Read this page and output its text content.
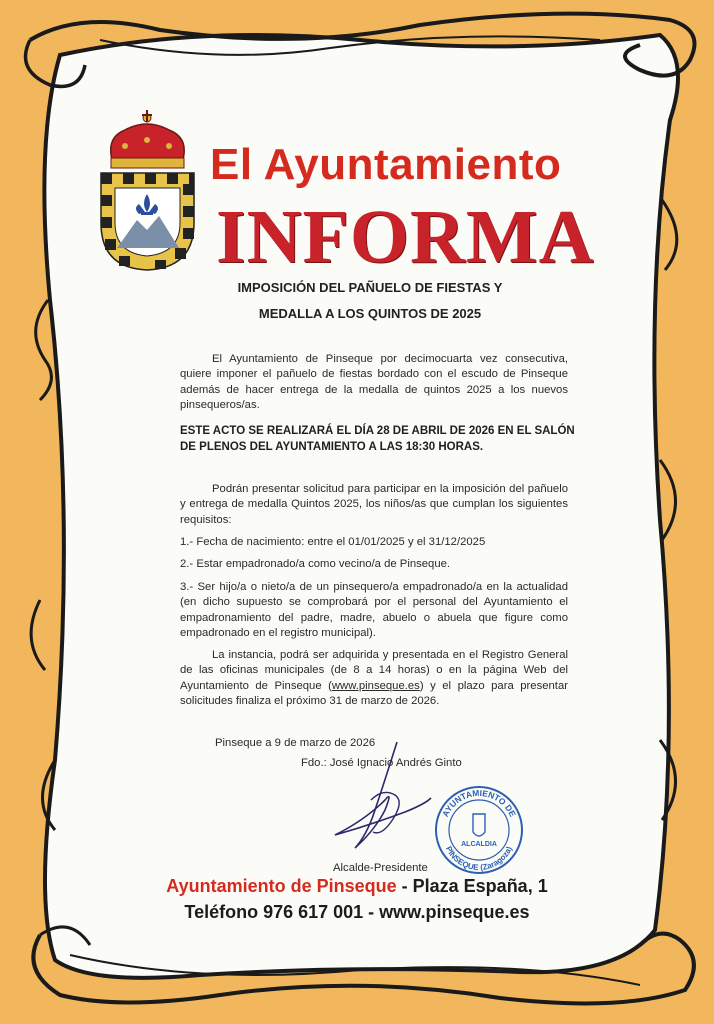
El Ayuntamiento
INFORMA
IMPOSICIÓN DEL PAÑUELO DE FIESTAS Y
MEDALLA A LOS QUINTOS DE 2025
El Ayuntamiento de Pinseque por decimocuarta vez consecutiva, quiere imponer el pañuelo de fiestas bordado con el escudo de Pinseque además de hacer entrega de la medalla de quintos 2025 a los nuevos pinsequeros/as.
ESTE ACTO SE REALIZARÁ EL DÍA 28 DE ABRIL DE 2026 EN EL SALÓN
DE PLENOS DEL AYUNTAMIENTO A LAS 18:30 HORAS.
Podrán presentar solicitud para participar en la imposición del pañuelo y entrega de medalla Quintos 2025, los niños/as que cumplan los siguientes requisitos:
1.- Fecha de nacimiento: entre el 01/01/2025 y el 31/12/2025
2.- Estar empadronado/a como vecino/a de Pinseque.
3.- Ser hijo/a o nieto/a de un pinsequero/a empadronado/a en la actualidad (en dicho supuesto se comprobará por el personal del Ayuntamiento el empadronamiento del padre, madre, abuelo o abuela que figure como empadronado en el registro municipal).
La instancia, podrá ser adquirida y presentada en el Registro General de las oficinas municipales (de 8 a 14 horas) o en la página Web del Ayuntamiento de Pinseque (www.pinseque.es) y el plazo para presentar solicitudes finaliza el próximo 31 de marzo de 2026.
Pinseque a 9 de marzo de 2026
Fdo.: José Ignacio Andrés Ginto
AYUNTAMIENTO DE
PINSEQUE (Zaragoza)
ALCALDIA
Alcalde-Presidente
Ayuntamiento de Pinseque - Plaza España, 1
Teléfono 976 617 001 - www.pinseque.es
